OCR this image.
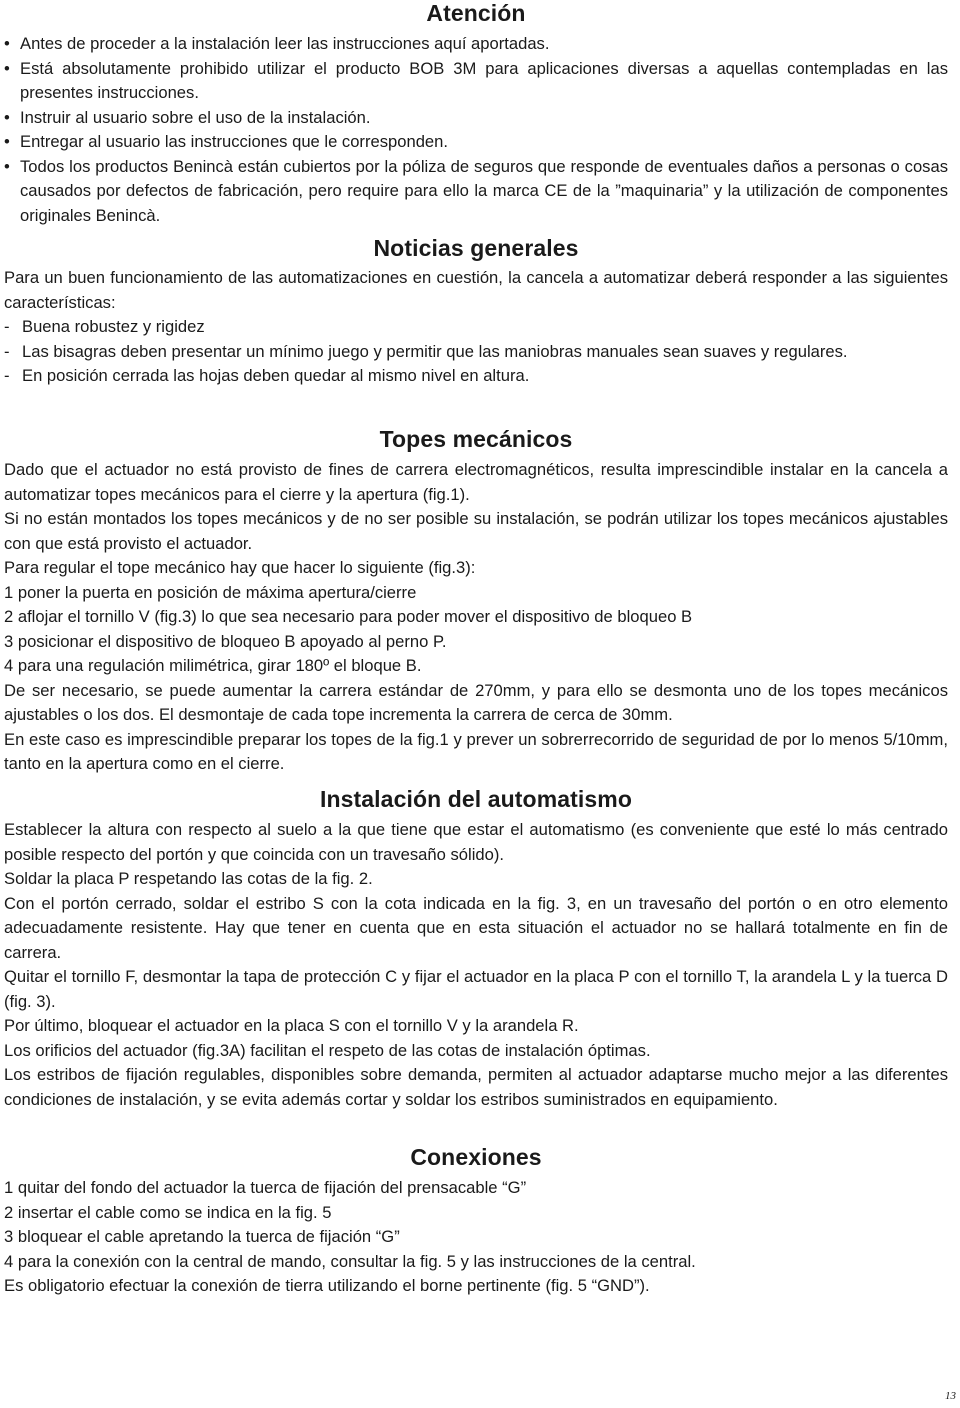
Atención
• Antes de proceder a la instalación leer las instrucciones aquí aportadas.
• Está absolutamente prohibido utilizar el producto BOB 3M para aplicaciones diversas a aquellas contempladas en las presentes instrucciones.
• Instruir al usuario sobre el uso de la instalación.
• Entregar al usuario las instrucciones que le corresponden.
• Todos los productos Benincà están cubiertos por la póliza de seguros que responde de eventuales daños a personas o cosas causados por defectos de fabricación, pero require para ello la marca CE de la ”maquinaria” y la utilización de componentes originales Benincà.
Noticias generales

Para un buen funcionamiento de las automatizaciones en cuestión, la cancela a automatizar deberá responder a las siguientes características:

- Buena robustez y rigidez
- Las bisagras deben presentar un mínimo juego y permitir que las maniobras manuales sean suaves y regulares.
- En posición cerrada las hojas deben quedar al mismo nivel en altura.
Topes mecánicos

Dado que el actuador no está provisto de fines de carrera electromagnéticos, resulta imprescindible instalar en la cancela a automatizar topes mecánicos para el cierre y la apertura (fig.1).

Si no están montados los topes mecánicos y de no ser posible su instalación, se podrán utilizar los topes mecánicos ajustables con que está provisto el actuador.

Para regular el tope mecánico hay que hacer lo siguiente (fig.3):

1 poner la puerta en posición de máxima apertura/cierre

2 aflojar el tornillo V (fig.3) lo que sea necesario para poder mover el dispositivo de bloqueo B

3 posicionar el dispositivo de bloqueo B apoyado al perno P.

4 para una regulación milimétrica, girar 180º el bloque B.

De ser necesario, se puede aumentar la carrera estándar de 270mm, y para ello se desmonta uno de los topes mecánicos ajustables o los dos. El desmontaje de cada tope incrementa la carrera de cerca de 30mm.

En este caso es imprescindible preparar los topes de la fig.1 y prever un sobrerrecorrido de seguridad de por lo menos 5/10mm, tanto en la apertura como en el cierre.

Instalación del automatismo

Establecer la altura con respecto al suelo a la que tiene que estar el automatismo (es conveniente que esté lo más centrado posible respecto del portón y que coincida con un travesaño sólido).

Soldar la placa P respetando las cotas de la fig. 2.

Con el portón cerrado, soldar el estribo S con la cota indicada en la fig. 3, en un travesaño del portón o en otro elemento adecuadamente resistente. Hay que tener en cuenta que en esta situación el actuador no se hallará totalmente en fin de carrera.

Quitar el tornillo F, desmontar la tapa de protección C y fijar el actuador en la placa P con el tornillo T, la arandela L y la tuerca D (fig. 3).

Por último, bloquear el actuador en la placa S con el tornillo V y la arandela R.

Los orificios del actuador (fig.3A) facilitan el respeto de las cotas de instalación óptimas.

Los estribos de fijación regulables, disponibles sobre demanda, permiten al actuador adaptarse mucho mejor a las diferentes condiciones de instalación, y se evita además cortar y soldar los estribos suministrados en equipamiento.

Conexiones

1 quitar del fondo del actuador la tuerca de fijación del prensacable “G”

2 insertar el cable como se indica en la fig. 5

3 bloquear el cable apretando la tuerca de fijación “G”

4 para la conexión con la central de mando, consultar la fig. 5 y las instrucciones de la central.

Es obligatorio efectuar la conexión de tierra utilizando el borne pertinente (fig. 5 “GND”).

13
